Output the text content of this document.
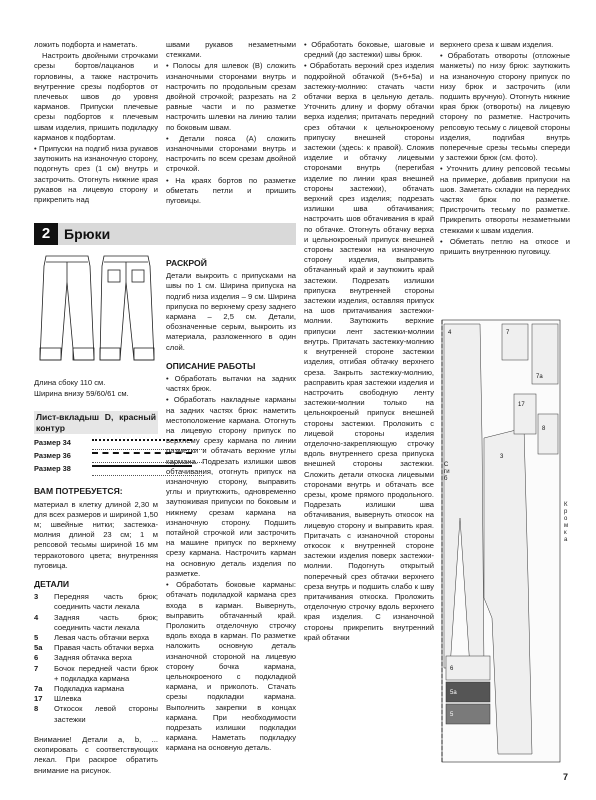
ложить подборта и наметать.

Настроить двойными строчками срезы бортов/лацканов и горловины, а также настрочить внутренние срезы подбортов от плечевых швов до уровня карманов. Припуски плечевые срезы подбортов к плечевым швам изделия, пришить подкладку карманов к подбортам.

• Припуски на подгиб низа рукавов заутюжить на изнаночную сторону, подогнуть срез (1 см) внутрь и застрочить. Отогнуть нижние края рукавов на лицевую сторону и прикрепить над

швами рукавов незаметными стежками.

• Полосы для шлевок (В) сложить изнаночными сторонами внутрь и настрочить по продольным срезам двойной строчкой; разрезать на 2 равные части и по разметке настрочить шлевки на линию талии по боковым швам.

• Детали пояса (А) сложить изнаночными сторонами внутрь и настрочить по всем срезам двойной строчкой.

• На краях бортов по разметке обметать петли и пришить пуговицы.

2 Брюки

Длина сбоку 110 см.

Ширина внизу 59/60/61 см.

Лист-вкладыш D, красный контур
Размер 34	
Размер 36	
Размер 38	
ВАМ ПОТРЕБУЕТСЯ:

материал в клетку длиной 2,30 м для всех размеров и шириной 1,50 м; швейные нитки; застежка-молния длиной 23 см; 1 м репсовой тесьмы шириной 16 мм терракотового цвета; внутренняя пуговица.

ДЕТАЛИ
3	Передняя часть брюк; соединить части лекала
4	Задняя часть брюк; соединить части лекала
5	Левая часть обтачки верха
5а	Правая часть обтачки верха
6	Задняя обтачка верха
7	Бочок передней части брюк + подкладка кармана
7а	Подкладка кармана
17	Шлевка
8	Откосок левой стороны застежки

Внимание! Детали а, b, ... скопировать с соответствующих лекал. При раскрое обратить внимание на рисунок.

РАСКРОЙ

Детали выкроить с припусками на швы по 1 см. Ширина припуска на подгиб низа изделия – 9 см. Ширина припуска по верхнему срезу заднего кармана – 2,5 см. Детали, обозначенные серым, выкроить из материала, разложенного в один слой.

ОПИСАНИЕ РАБОТЫ

• Обработать вытачки на задних частях брюк.

• Обработать накладные карманы на задних частях брюк: наметить местоположение кармана. Отогнуть на лицевую сторону припуск по верхнему срезу кармана по линии разметки и обтачать верхние углы кармана. Подрезать излишки швов обтачивания, отогнуть припуск на изнаночную сторону, выправить углы и приутюжить, одновременно заутюживая припуски по боковым и нижнему срезам кармана на изнаночную сторону. Подшить потайной строчкой или застрочить на машине припуск по верхнему срезу кармана. Настрочить карман на основную деталь изделия по разметке.

• Обработать боковые карманы: обтачать подкладкой кармана срез входа в карман. Вывернуть, выправить обтачанный край. Проложить отделочную строчку вдоль входа в карман. По разметке наложить основную деталь изнаночной стороной на лицевую сторону бочка кармана, цельнокроеного с подкладкой кармана, и приколоть. Стачать срезы подкладки кармана. Выполнить закрепки в концах кармана. При необходимости подрезать излишки подкладки кармана. Наметать подкладку кармана на основную деталь.

• Обработать боковые, шаговые и средний (до застежки) швы брюк.

• Обработать верхний срез изделия подкройной обтачкой (5+6+5а) и застежку-молнию: стачать части обтачки верха в цельную деталь. Уточнить длину и форму обтачки верха изделия; притачать передний срез обтачки к цельнокроеному припуску внешней стороны застежки (здесь: к правой). Сложив изделие и обтачку лицевыми сторонами внутрь (перегибая изделие по линии края внешней стороны застежки), обтачать верхний срез изделия; подрезать излишки шва обтачивания; настрочить шов обтачивания в край по обтачке. Отогнуть обтачку верха и цельнокроеный припуск внешней стороны застежки на изнаночную сторону изделия, выправить обтачанный край и заутюжить край застежки. Подрезать излишки припуска внутренней стороны застежки изделия, оставляя припуск на шов притачивания застежки-молнии. Заутюжить верхние припуски лент застежки-молнии внутрь. Притачать застежку-молнию к внутренней стороне застежки изделия, отгибая обтачку верхнего среза. Закрыть застежку-молнию, расправить края застежки изделия и настрочить свободную ленту застежки-молнии только на цельнокроеный припуск внешней стороны застежки. Проложить с лицевой стороны изделия отделочно-закрепляющую строчку вдоль внутреннего среза припуска внешней стороны застежки. Сложить детали откоска лицевыми сторонами внутрь и обтачать все срезы, кроме прямого продольного. Подрезать излишки шва обтачивания, вывернуть откосок на лицевую сторону и выправить края. Притачать с изнаночной стороны откосок к внутренней стороне застежки изделия поверх застежки-молнии. Подогнуть открытый поперечный срез обтачки верхнего среза внутрь и подшить слабо к шву притачивания откоска. Проложить отделочную строчку вдоль верхнего края изделия. С изнаночной стороны прикрепить внутренний край обтачки

верхнего среза к швам изделия.

• Обработать отвороты (отложные манжеты) по низу брюк: заутюжить на изнаночную сторону припуск по низу брюк и застрочить (или подшить вручную). Отогнуть нижние края брюк (отвороты) на лицевую сторону по разметке. Настрочить репсовую тесьму с лицевой стороны изделия, подгибая внутрь поперечные срезы тесьмы спереди у застежки брюк (см. фото).

• Уточнить длину репсовой тесьмы на примерке, добавив припуски на шов. Заметать складки на передних частях брюк по разметке. Пристрочить тесьму по разметке. Прикрепить отвороты незаметными стежками к швам изделия.

• Обметать петлю на откосе и пришить внутреннюю пуговицу.

4
3
7
7а
17
8
6
5а
5
Сгиб
Кромка
7
